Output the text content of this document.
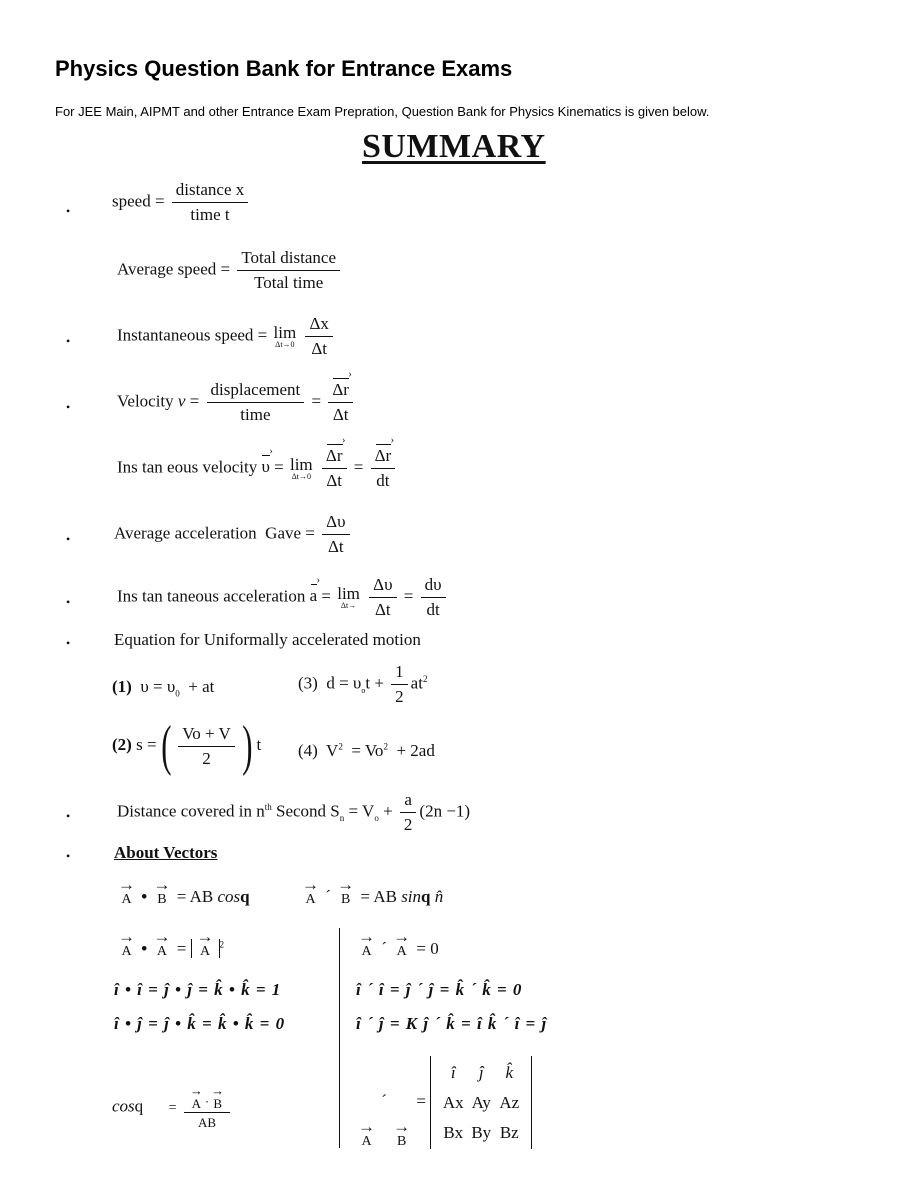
Physics Question Bank for Entrance Exams
For JEE Main, AIPMT and other Entrance Exam Prepration, Question Bank for Physics Kinematics is given below.
SUMMARY
•
speed = $\frac{\text{distance x}}{\text{time t}}$
Average speed = $\frac{\text{Total distance}}{\text{Total time}}$
•	Instantaneous speed = lim
Δt→0
$\frac{\Delta x}{\Delta t}$
•	Velocity $v = \frac{\text{displacement}}{\text{time}} = \frac{\Delta r ›}{\Delta t}$
Ins tan eous velocity υ › = lim
Δt→0
$\frac{\Delta r ›}{\Delta t} = \frac{\Delta r ›}{dt}$
•	Average acceleration Gave = $\frac{\Delta\upsilon}{\Delta t}$
•	Ins tan taneous acceleration a › = lim
Δt→
$\frac{\Delta\upsilon}{\Delta t} = \frac{d\upsilon}{dt}$
•	Equation for Uniformally accelerated motion
(1) $\upsilon = \upsilon_0$ + at	(3) $d = \upsilon_ot + \frac{1}{2} at^2$
(2) s =( $\frac{Vo + V}{2}$ ) t (4) $V^2 = Vo^2 + 2ad$
•	Distance covered in $n^{th}$ Second $S_n = V_o + \frac{a}{2} (2n -1)$
•	About Vectors
→
A •
→
B = AB cosq
→
A ´
→
B = AB sinq n̂
→
A •
→
A =
→
A	$^2$	→
A ´
→
A = 0
î • î = ĵ • ĵ = k̂ • k̂ = 1	î ´ î = ĵ ´ ĵ = k̂ ´ k̂ = 0
î • ĵ = ĵ • k̂ = k̂ • k̂ = 0	î ´ ĵ = K ĵ ´ k̂ = î k̂ ´ î = ĵ
cosq = →
A ·
→
B
AB	→
A
´
→
B
= î ĵ k̂
Ax Ay Az
Bx By Bz
